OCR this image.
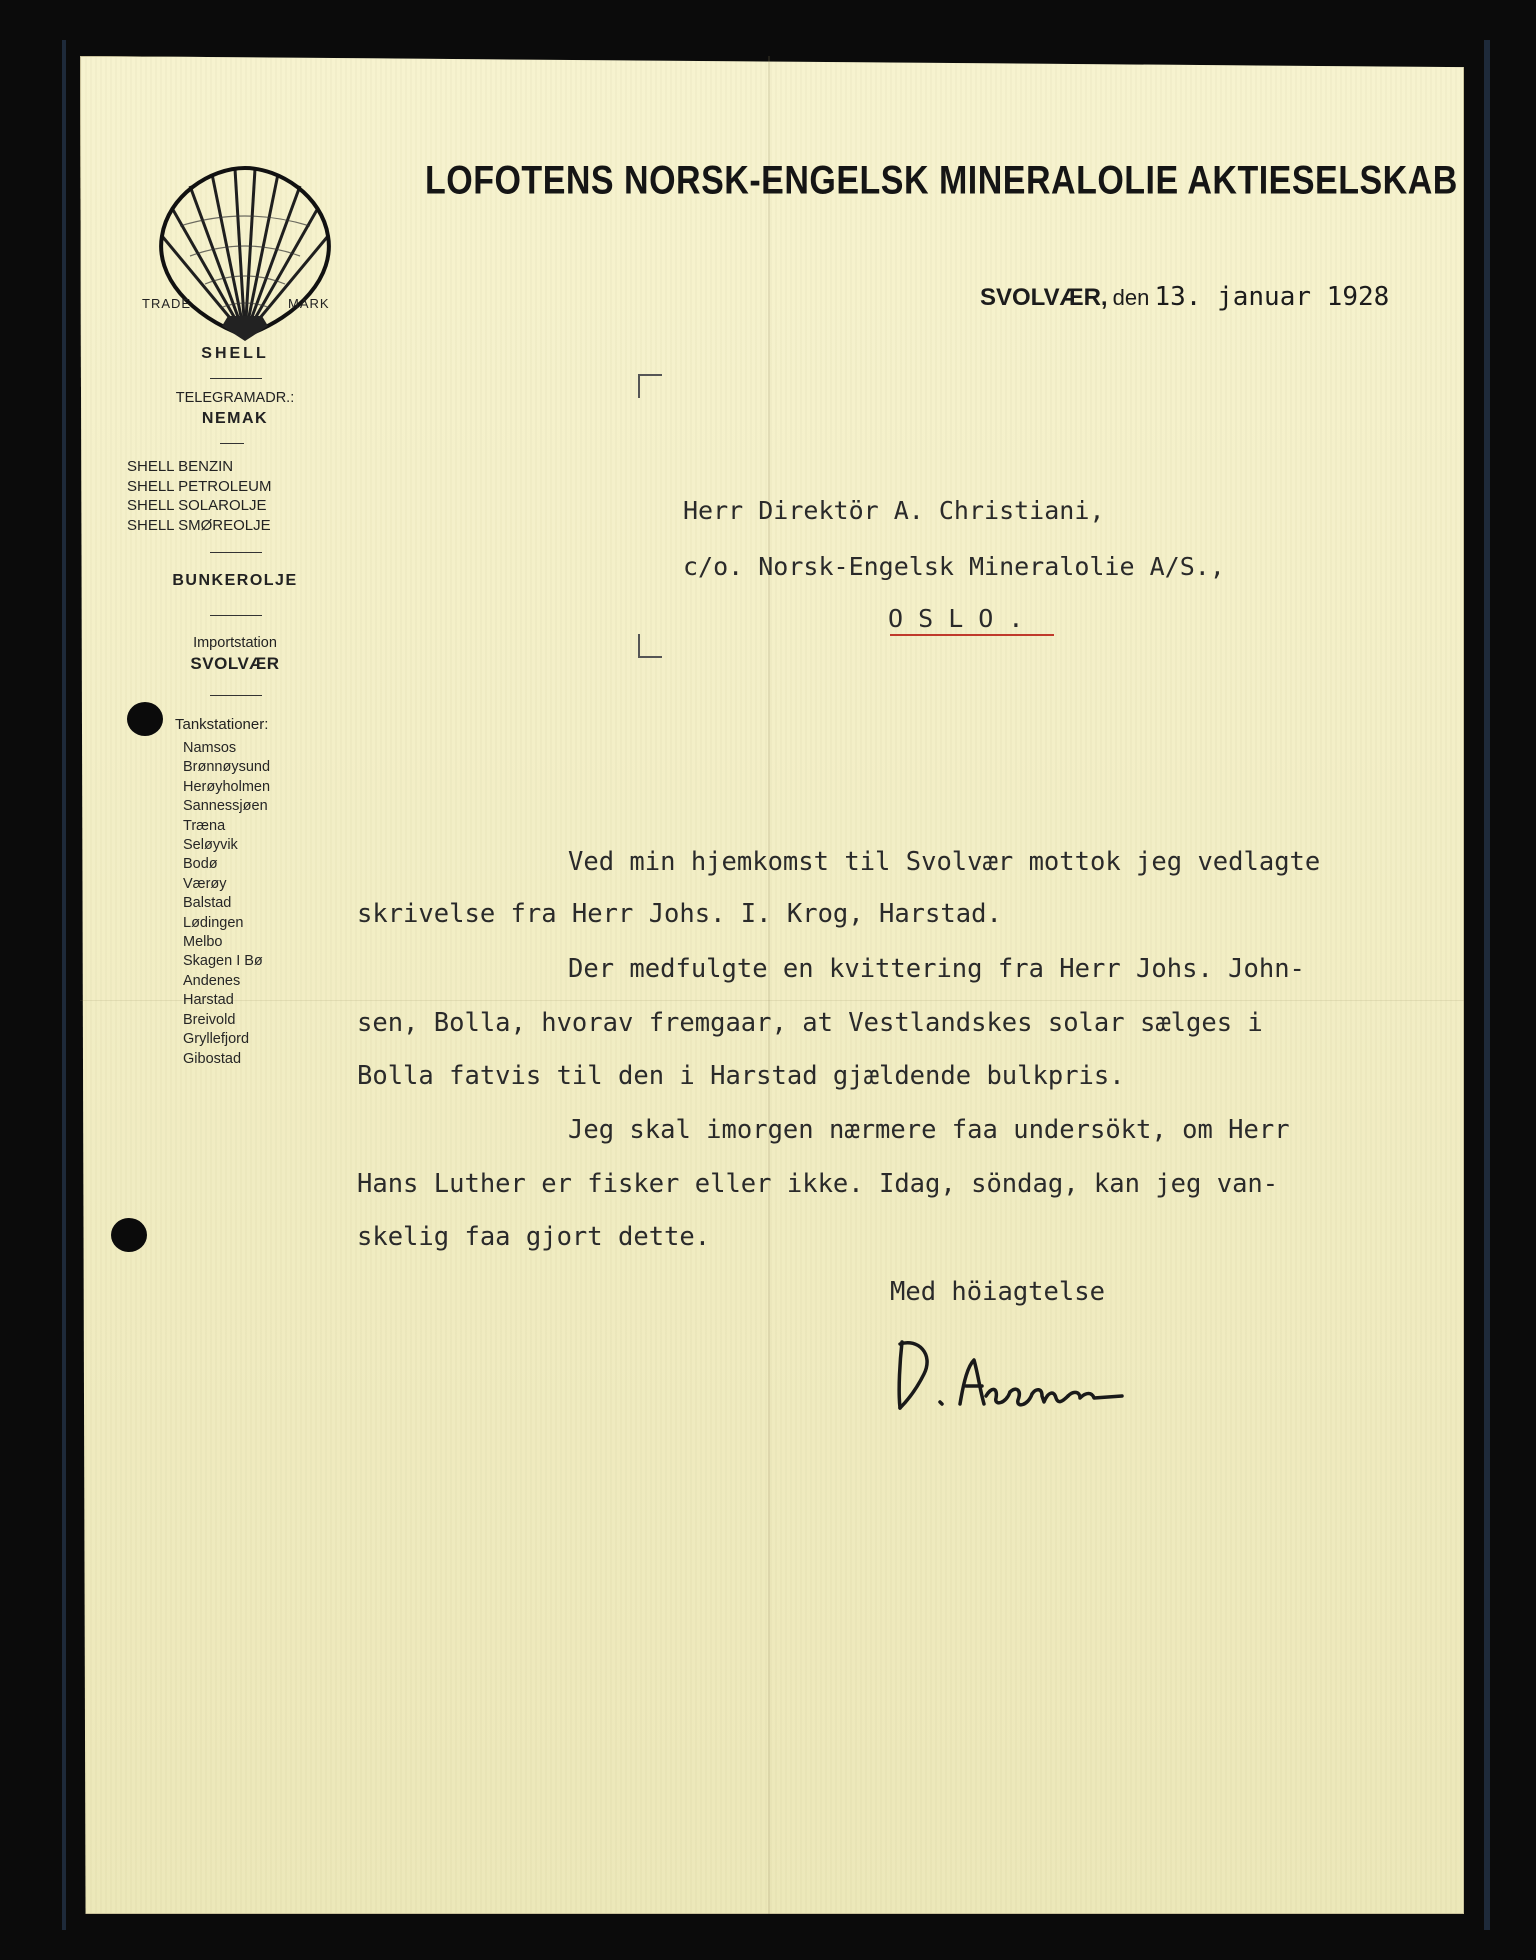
LOFOTENS NORSK-ENGELSK MINERALOLIE AKTIESELSKAB
TRADE	MARK
SHELL
TELEGRAMADR.:
NEMAK
SHELL BENZIN
SHELL PETROLEUM
SHELL SOLAROLJE
SHELL SMØREOLJE
BUNKEROLJE
Importstation
SVOLVÆR
Tankstationer:
Namsos
Brønnøysund
Herøyholmen
Sannessjøen
Træna
Seløyvik
Bodø
Værøy
Balstad
Lødingen
Melbo
Skagen I Bø
Andenes
Harstad
Breivold
Gryllefjord
Gibostad
SVOLVÆR, den 13. januar 1928
Herr Direktör A. Christiani,
c/o. Norsk-Engelsk Mineralolie A/S.,
O S L O .
Ved min hjemkomst til Svolvær mottok jeg vedlagte
skrivelse fra Herr Johs. I. Krog, Harstad.
Der medfulgte en kvittering fra Herr Johs. John-
sen, Bolla, hvorav fremgaar, at Vestlandskes solar sælges i
Bolla fatvis til den i Harstad gjældende bulkpris.
Jeg skal imorgen nærmere faa undersökt, om Herr
Hans Luther er fisker eller ikke. Idag, söndag, kan jeg van-
skelig faa gjort dette.
Med höiagtelse
